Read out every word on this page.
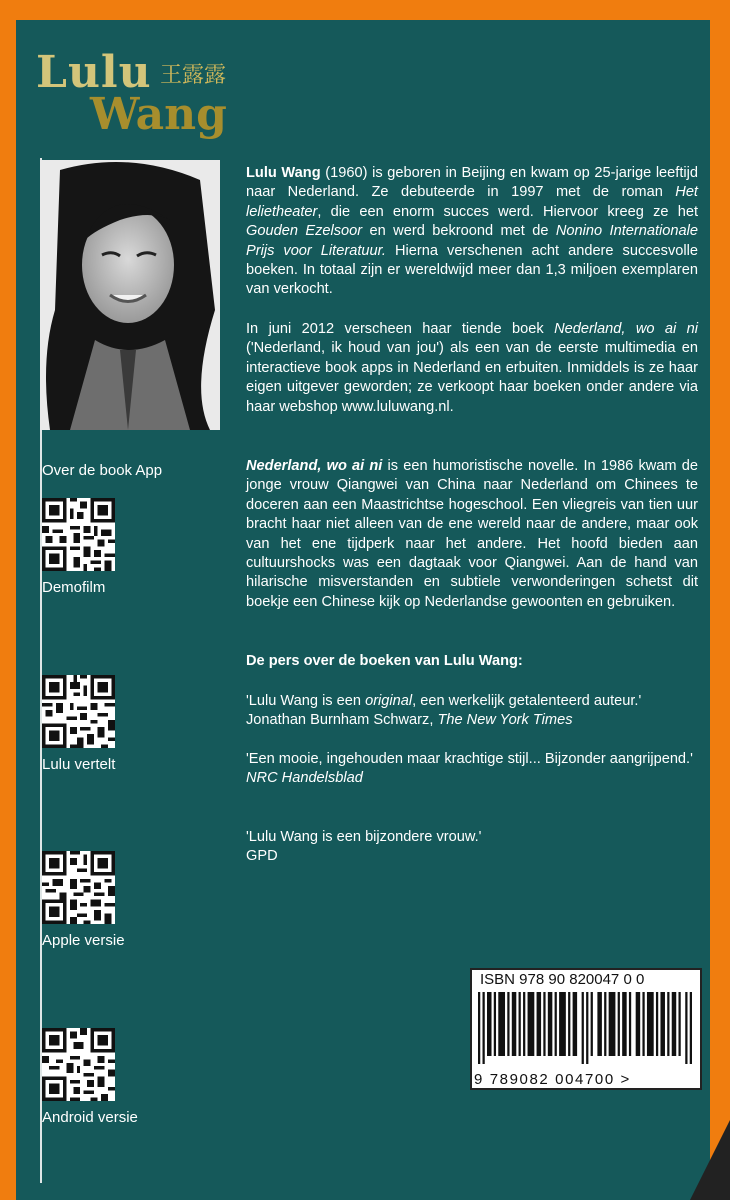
Lulu 王露露
Wang
Over de book App
Demofilm
Lulu vertelt
Apple versie
Android versie

Lulu Wang (1960) is geboren in Beijing en kwam op 25-jarige leeftijd naar Nederland. Ze debuteerde in 1997 met de roman Het lelietheater, die een enorm succes werd. Hiervoor kreeg ze het Gouden Ezelsoor en werd bekroond met de Nonino Internationale Prijs voor Literatuur. Hierna verschenen acht andere succesvolle boeken. In totaal zijn er wereldwijd meer dan 1,3 miljoen exemplaren van verkocht.

In juni 2012 verscheen haar tiende boek Nederland, wo ai ni ('Nederland, ik houd van jou') als een van de eerste multimedia en interactieve book apps in Nederland en erbuiten. Inmiddels is ze haar eigen uitgever geworden; ze verkoopt haar boeken onder andere via haar webshop www.luluwang.nl.

Nederland, wo ai ni is een humoristische novelle. In 1986 kwam de jonge vrouw Qiangwei van China naar Nederland om Chinees te doceren aan een Maastrichtse hogeschool. Een vliegreis van tien uur bracht haar niet alleen van de ene wereld naar de andere, maar ook van het ene tijdperk naar het andere. Het hoofd bieden aan cultuurshocks was een dagtaak voor Qiangwei. Aan de hand van hilarische misverstanden en subtiele verwonderingen schetst dit boekje een Chinese kijk op Nederlandse gewoonten en gebruiken.

De pers over de boeken van Lulu Wang:

'Lulu Wang is een original, een werkelijk getalenteerd auteur.'

Jonathan Burnham Schwarz, The New York Times

'Een mooie, ingehouden maar krachtige stijl... Bijzonder aangrijpend.'

NRC Handelsblad

'Lulu Wang is een bijzondere vrouw.'

GPD

ISBN 978 90 820047 0 0
9 789082 004700 >
